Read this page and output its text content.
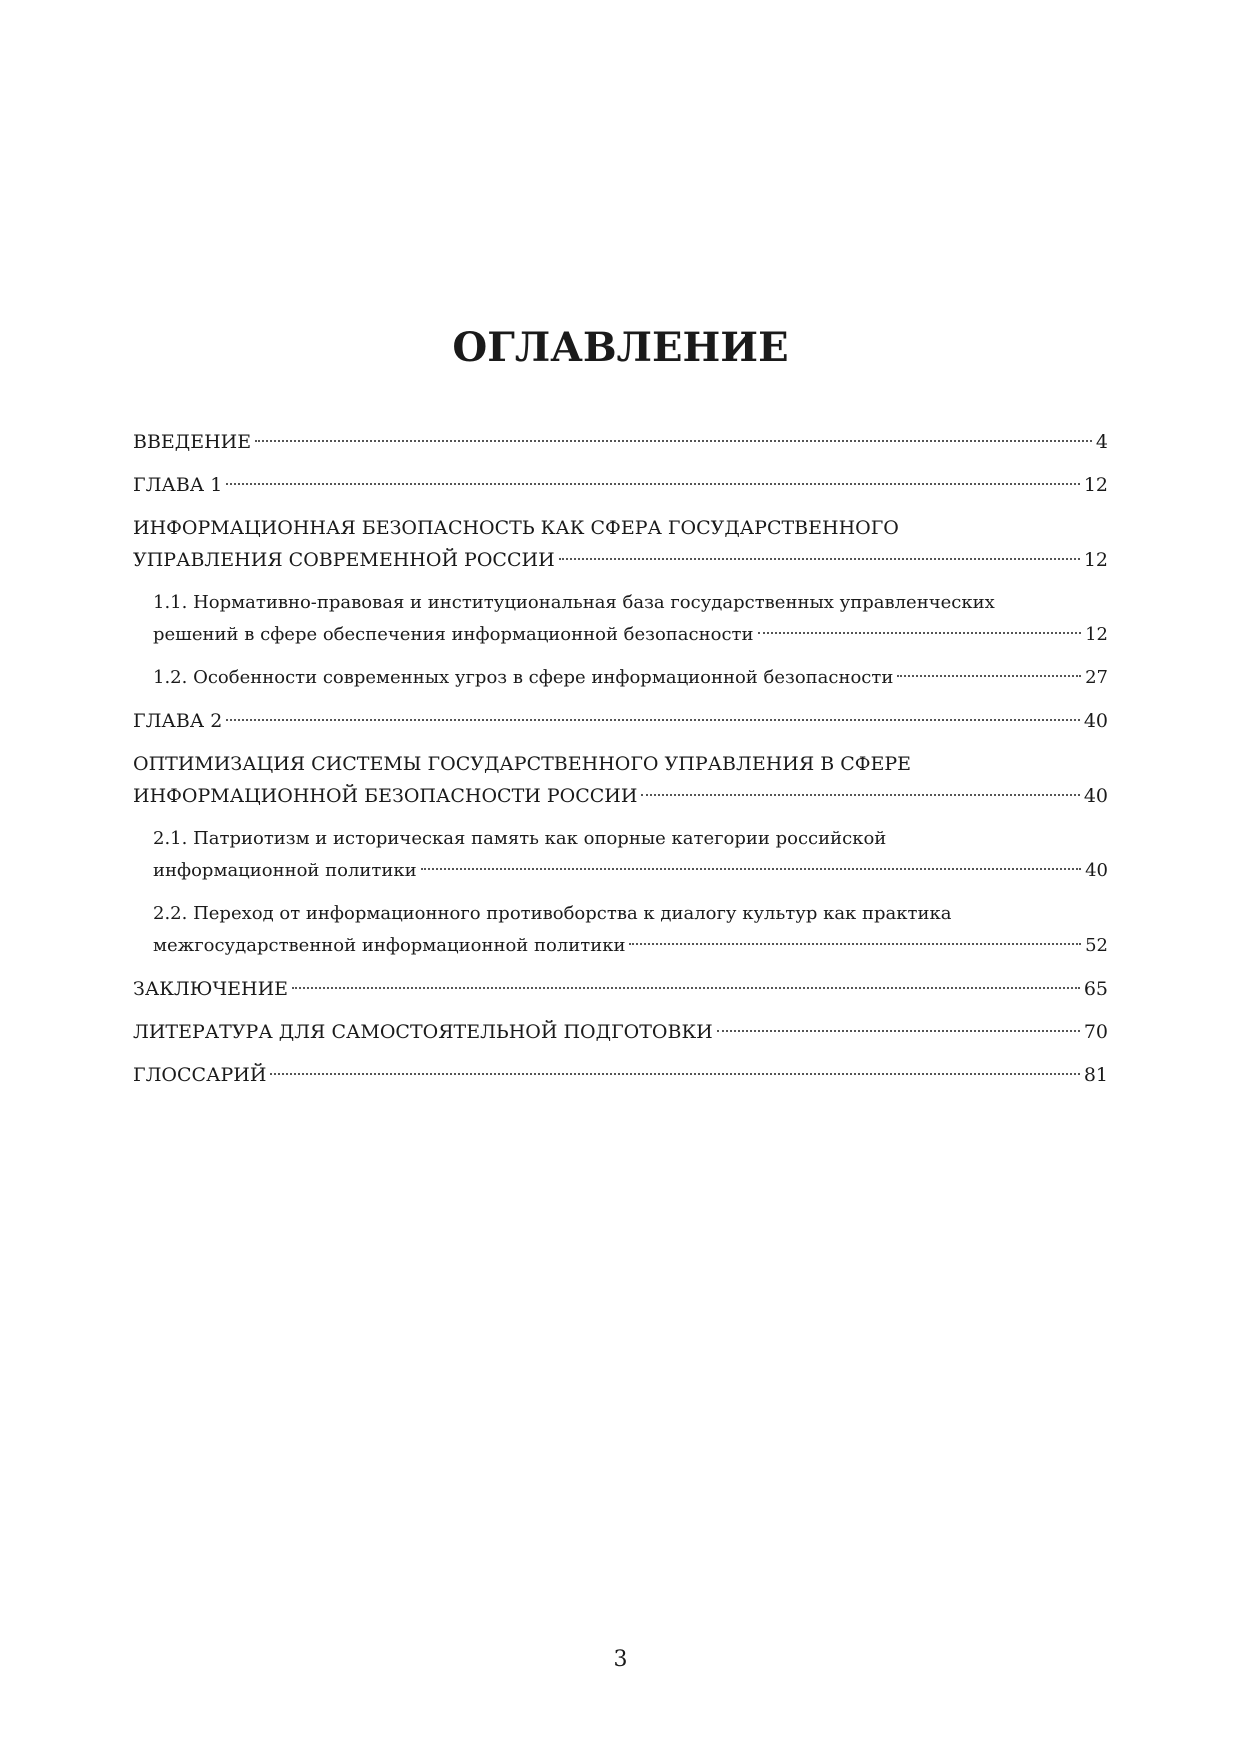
ОГЛАВЛЕНИЕ
ВВЕДЕНИЕ	4
ГЛАВА 1	12
ИНФОРМАЦИОННАЯ БЕЗОПАСНОСТЬ КАК СФЕРА ГОСУДАРСТВЕННОГО
УПРАВЛЕНИЯ СОВРЕМЕННОЙ РОССИИ	12
1.1. Нормативно-правовая и институциональная база государственных управленческих
решений в сфере обеспечения информационной безопасности	12
1.2. Особенности современных угроз в сфере информационной безопасности	27
ГЛАВА 2	40
ОПТИМИЗАЦИЯ СИСТЕМЫ ГОСУДАРСТВЕННОГО УПРАВЛЕНИЯ В СФЕРЕ
ИНФОРМАЦИОННОЙ БЕЗОПАСНОСТИ РОССИИ	40
2.1. Патриотизм и историческая память как опорные категории российской
информационной политики	40
2.2. Переход от информационного противоборства к диалогу культур как практика
межгосударственной информационной политики	52
ЗАКЛЮЧЕНИЕ	65
ЛИТЕРАТУРА ДЛЯ САМОСТОЯТЕЛЬНОЙ ПОДГОТОВКИ	70
ГЛОССАРИЙ	81
3
